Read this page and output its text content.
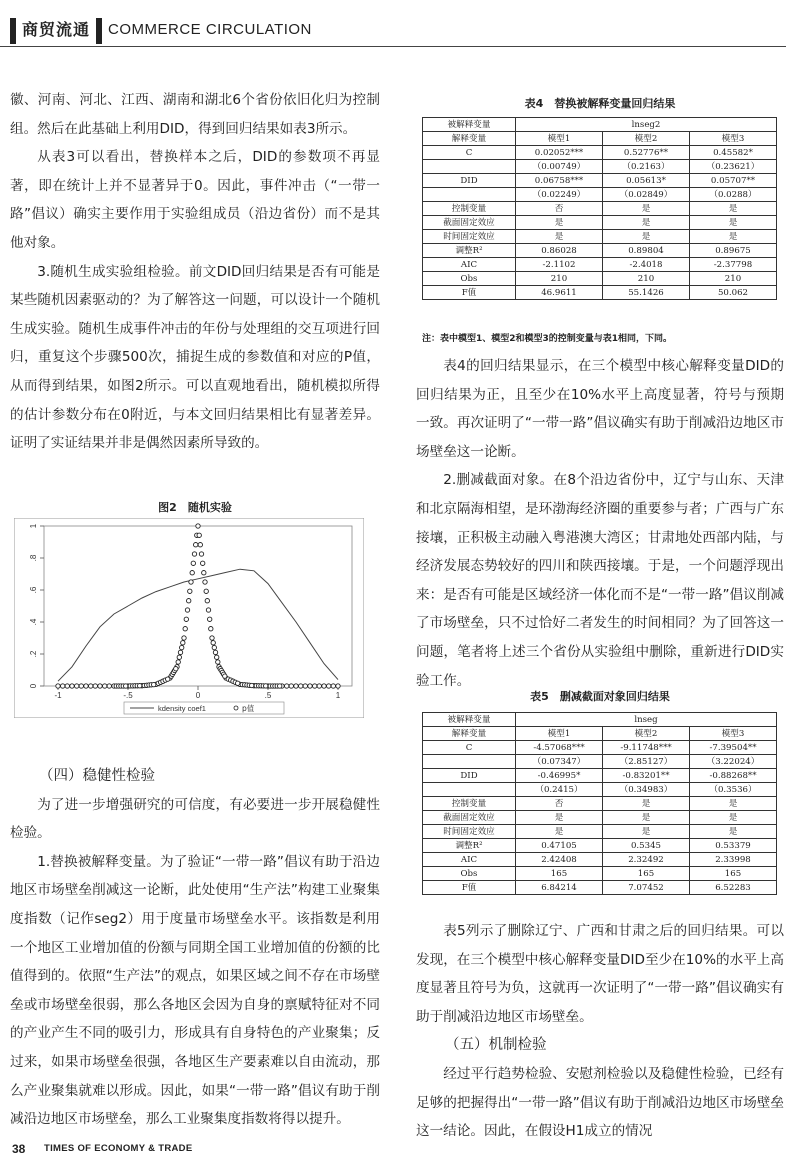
商贸流通 COMMERCE CIRCULATION

徽、河南、河北、江西、湖南和湖北6个省份依旧化归为控制组。然后在此基础上利用DID，得到回归结果如表3所示。

从表3可以看出，替换样本之后，DID的参数项不再显著，即在统计上并不显著异于0。因此，事件冲击（“一带一路”倡议）确实主要作用于实验组成员（沿边省份）而不是其他对象。

3.随机生成实验组检验。前文DID回归结果是否有可能是某些随机因素驱动的？为了解答这一问题，可以设计一个随机生成实验。随机生成事件冲击的年份与处理组的交互项进行回归，重复这个步骤500次，捕捉生成的参数值和对应的P值，从而得到结果，如图2所示。可以直观地看出，随机模拟所得的估计参数分布在0附近，与本文回归结果相比有显著差异。证明了实证结果并非是偶然因素所导致的。

图2　随机实验
0
.2
.4
.6
.8
1
-1	-.5	0	.5	1
kdensity coef1	p值
（四）稳健性检验

为了进一步增强研究的可信度，有必要进一步开展稳健性检验。

1.替换被解释变量。为了验证“一带一路”倡议有助于沿边地区市场壁垒削减这一论断，此处使用“生产法”构建工业聚集度指数（记作seg2）用于度量市场壁垒水平。该指数是利用一个地区工业增加值的份额与同期全国工业增加值的份额的比值得到的。依照“生产法”的观点，如果区域之间不存在市场壁垒或市场壁垒很弱，那么各地区会因为自身的禀赋特征对不同的产业产生不同的吸引力，形成具有自身特色的产业聚集；反过来，如果市场壁垒很强，各地区生产要素难以自由流动，那么产业聚集就难以形成。因此，如果“一带一路”倡议有助于削减沿边地区市场壁垒，那么工业聚集度指数将得以提升。

表4　替换被解释变量回归结果
被解释变量	lnseg2		
解释变量	模型1	模型2	模型3
C	0.02052***	0.52776**	0.45582*
	（0.00749）	（0.2163）	（0.23621）
DID	0.06758***	0.05613*	0.05707**
	（0.02249）	（0.02849）	（0.0288）
控制变量	否	是	是
截面固定效应	是	是	是
时间固定效应	是	是	是
调整R²	0.86028	0.89804	0.89675
AIC	-2.1102	-2.4018	-2.37798
Obs	210	210	210
F值	46.9611	55.1426	50.062
注：表中模型1、模型2和模型3的控制变量与表1相同，下同。

表4的回归结果显示，在三个模型中核心解释变量DID的回归结果为正，且至少在10%水平上高度显著，符号与预期一致。再次证明了“一带一路”倡议确实有助于削减沿边地区市场壁垒这一论断。

2.删减截面对象。在8个沿边省份中，辽宁与山东、天津和北京隔海相望，是环渤海经济圈的重要参与者；广西与广东接壤，正积极主动融入粤港澳大湾区；甘肃地处西部内陆，与经济发展态势较好的四川和陕西接壤。于是，一个问题浮现出来：是否有可能是区域经济一体化而不是“一带一路”倡议削减了市场壁垒，只不过恰好二者发生的时间相同？为了回答这一问题，笔者将上述三个省份从实验组中删除，重新进行DID实验工作。

表5　删减截面对象回归结果
被解释变量	lnseg		
解释变量	模型1	模型2	模型3
C	-4.57068***	-9.11748***	-7.39504**
	（0.07347）	（2.85127）	（3.22024）
DID	-0.46995*	-0.83201**	-0.88268**
	（0.2415）	（0.34983）	（0.3536）
控制变量	否	是	是
截面固定效应	是	是	是
时间固定效应	是	是	是
调整R²	0.47105	0.5345	0.53379
AIC	2.42408	2.32492	2.33998
Obs	165	165	165
F值	6.84214	7.07452	6.52283

表5列示了删除辽宁、广西和甘肃之后的回归结果。可以发现，在三个模型中核心解释变量DID至少在10%的水平上高度显著且符号为负，这就再一次证明了“一带一路”倡议确实有助于削减沿边地区市场壁垒。

（五）机制检验

经过平行趋势检验、安慰剂检验以及稳健性检验，已经有足够的把握得出“一带一路”倡议有助于削减沿边地区市场壁垒这一结论。因此，在假设H1成立的情况

38 TIMES OF ECONOMY & TRADE
